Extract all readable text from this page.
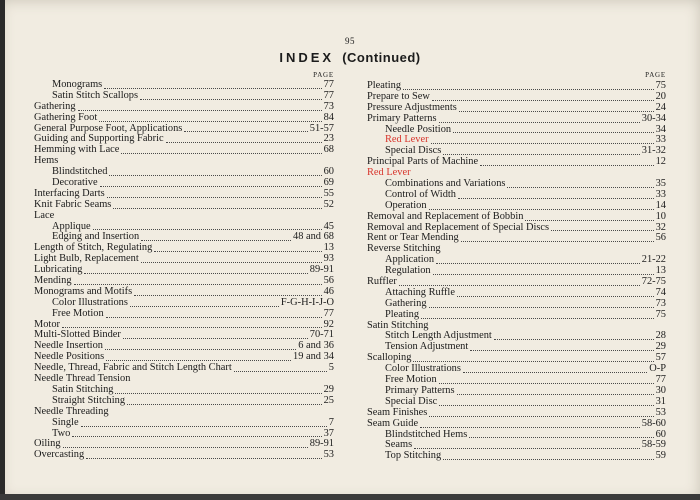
95
INDEX (Continued)
PAGE
Monograms	77
Satin Stitch Scallops	77
Gathering	73
Gathering Foot	84
General Purpose Foot, Applications	51-57
Guiding and Supporting Fabric	23
Hemming with Lace	68
Hems
Blindstitched	60
Decorative	69
Interfacing Darts	55
Knit Fabric Seams	52
Lace
Applique	45
Edging and Insertion	48 and 68
Length of Stitch, Regulating	13
Light Bulb, Replacement	93
Lubricating	89-91
Mending	56
Monograms and Motifs	46
Color Illustrations	F-G-H-I-J-O
Free Motion	77
Motor	92
Multi-Slotted Binder	70-71
Needle Insertion	6 and 36
Needle Positions	19 and 34
Needle, Thread, Fabric and Stitch Length Chart	5
Needle Thread Tension
Satin Stitching	29
Straight Stitching	25
Needle Threading
Single	7
Two	37
Oiling	89-91
Overcasting	53
PAGE
Pleating	75
Prepare to Sew	20
Pressure Adjustments	24
Primary Patterns	30-34
Needle Position	34
Red Lever	33
Special Discs	31-32
Principal Parts of Machine	12
Red Lever
Combinations and Variations	35
Control of Width	33
Operation	14
Removal and Replacement of Bobbin	10
Removal and Replacement of Special Discs	32
Rent or Tear Mending	56
Reverse Stitching
Application	21-22
Regulation	13
Ruffler	72-75
Attaching Ruffle	74
Gathering	73
Pleating	75
Satin Stitching
Stitch Length Adjustment	28
Tension Adjustment	29
Scalloping	57
Color Illustrations	O-P
Free Motion	77
Primary Patterns	30
Special Disc	31
Seam Finishes	53
Seam Guide	58-60
Blindstitched Hems	60
Seams	58-59
Top Stitching	59
